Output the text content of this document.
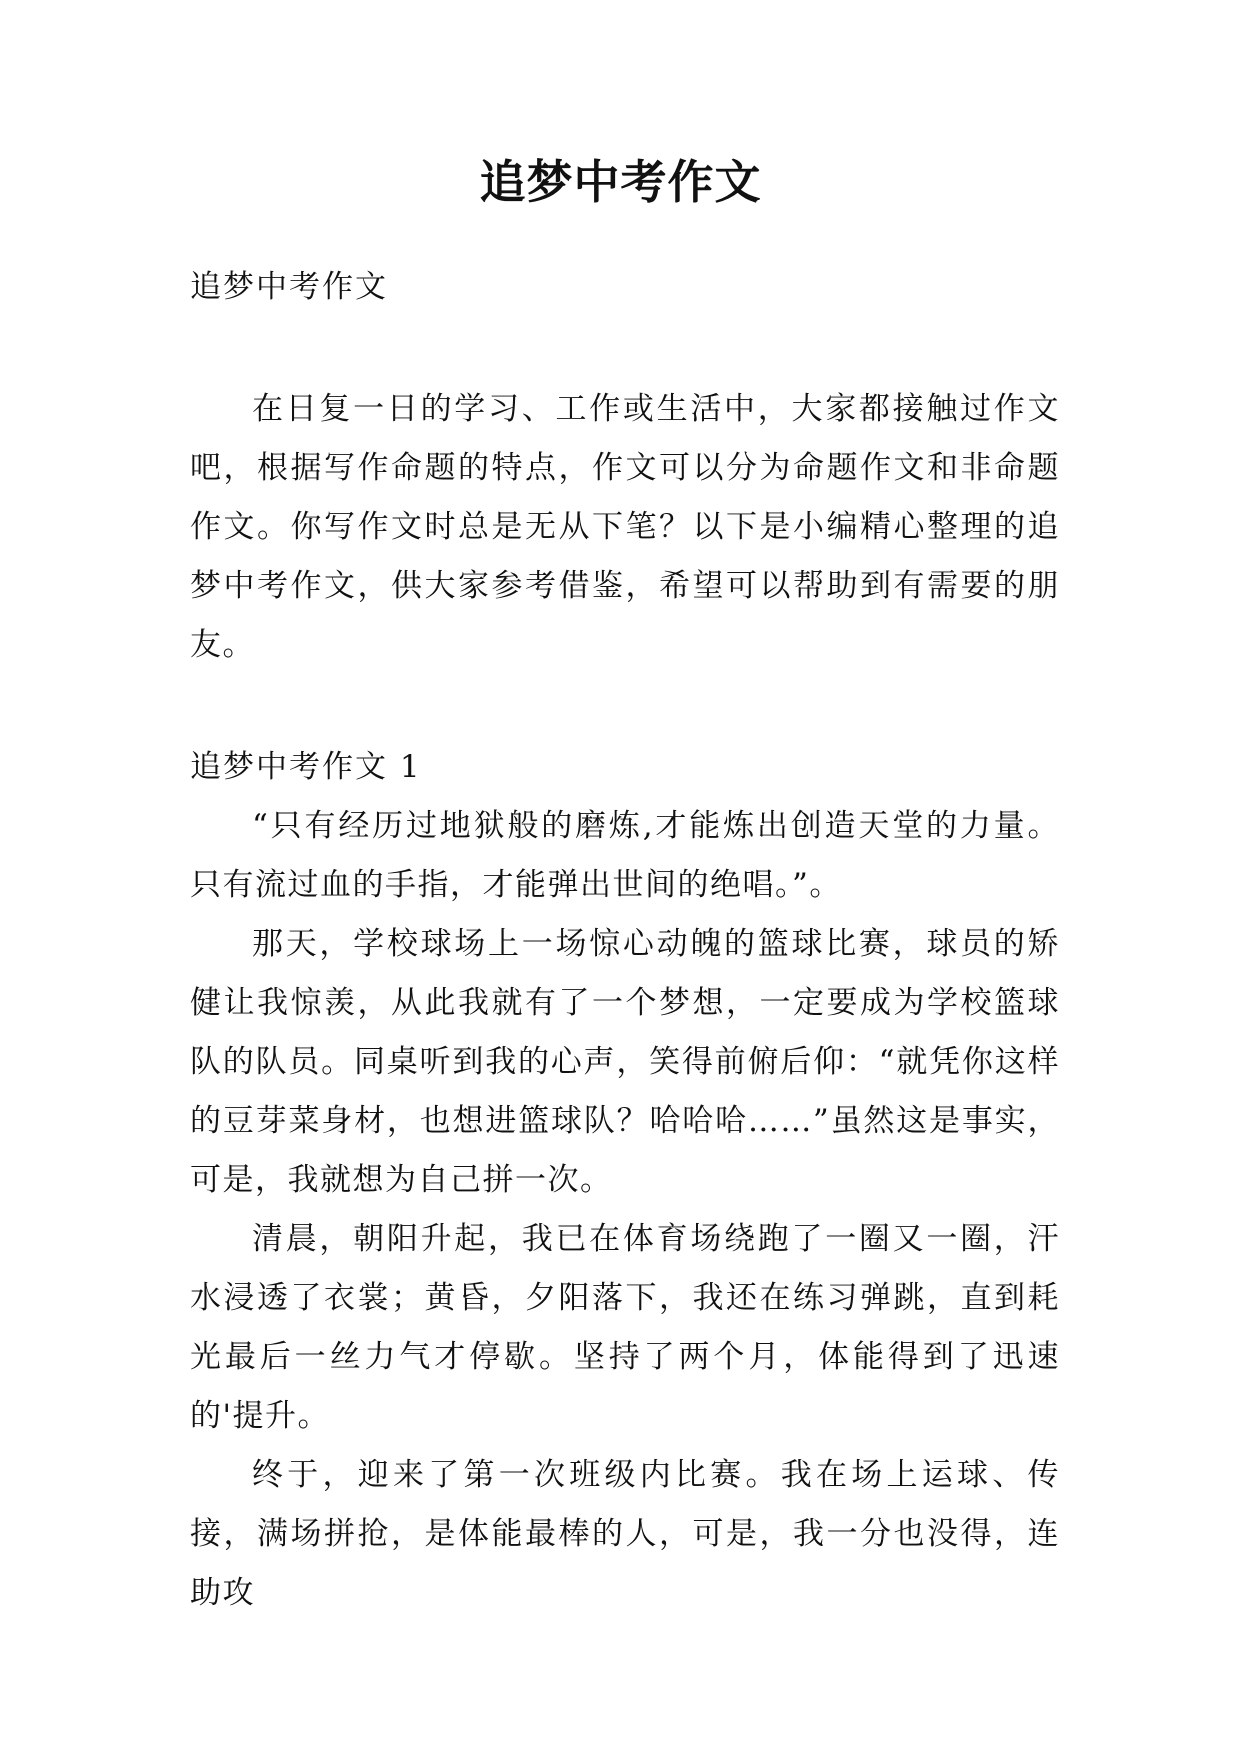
追梦中考作文

追梦中考作文

在日复一日的学习、工作或生活中，大家都接触过作文吧，根据写作命题的特点，作文可以分为命题作文和非命题作文。你写作文时总是无从下笔？以下是小编精心整理的追梦中考作文，供大家参考借鉴，希望可以帮助到有需要的朋友。

追梦中考作文 1

“只有经历过地狱般的磨炼,才能炼出创造天堂的力量。只有流过血的手指，才能弹出世间的绝唱。”。

那天，学校球场上一场惊心动魄的篮球比赛，球员的矫健让我惊羡，从此我就有了一个梦想，一定要成为学校篮球队的队员。同桌听到我的心声，笑得前俯后仰：“就凭你这样的豆芽菜身材，也想进篮球队？哈哈哈……”虽然这是事实，可是，我就想为自己拼一次。

清晨，朝阳升起，我已在体育场绕跑了一圈又一圈，汗水浸透了衣裳；黄昏，夕阳落下，我还在练习弹跳，直到耗光最后一丝力气才停歇。坚持了两个月，体能得到了迅速的'提升。

终于，迎来了第一次班级内比赛。我在场上运球、传接，满场拼抢，是体能最棒的人，可是，我一分也没得，连助攻
